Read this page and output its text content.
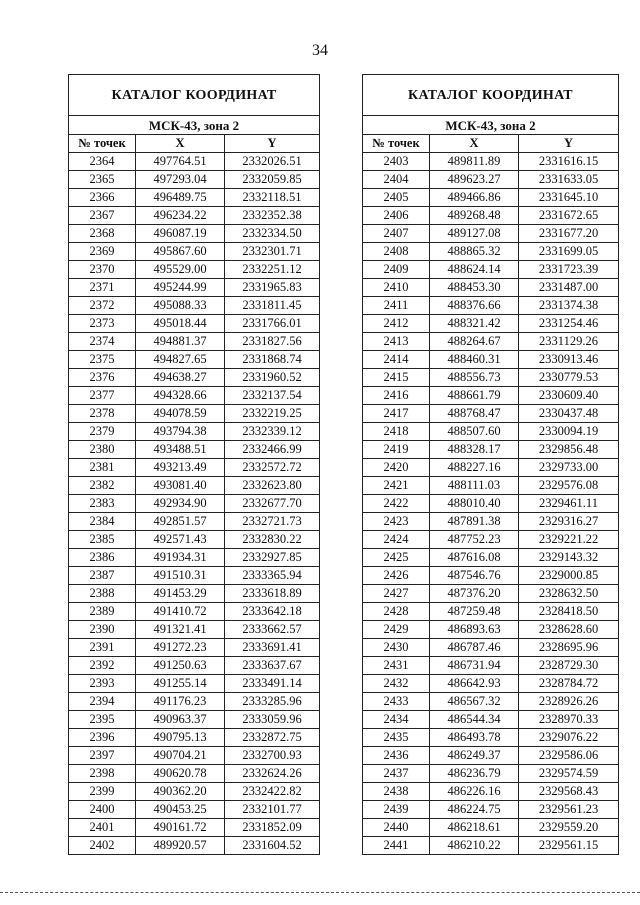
34
КАТАЛОГ КООРДИНАТ		
МСК-43, зона 2		
№ точек	X	Y
2364	497764.51	2332026.51
2365	497293.04	2332059.85
2366	496489.75	2332118.51
2367	496234.22	2332352.38
2368	496087.19	2332334.50
2369	495867.60	2332301.71
2370	495529.00	2332251.12
2371	495244.99	2331965.83
2372	495088.33	2331811.45
2373	495018.44	2331766.01
2374	494881.37	2331827.56
2375	494827.65	2331868.74
2376	494638.27	2331960.52
2377	494328.66	2332137.54
2378	494078.59	2332219.25
2379	493794.38	2332339.12
2380	493488.51	2332466.99
2381	493213.49	2332572.72
2382	493081.40	2332623.80
2383	492934.90	2332677.70
2384	492851.57	2332721.73
2385	492571.43	2332830.22
2386	491934.31	2332927.85
2387	491510.31	2333365.94
2388	491453.29	2333618.89
2389	491410.72	2333642.18
2390	491321.41	2333662.57
2391	491272.23	2333691.41
2392	491250.63	2333637.67
2393	491255.14	2333491.14
2394	491176.23	2333285.96
2395	490963.37	2333059.96
2396	490795.13	2332872.75
2397	490704.21	2332700.93
2398	490620.78	2332624.26
2399	490362.20	2332422.82
2400	490453.25	2332101.77
2401	490161.72	2331852.09
2402	489920.57	2331604.52
КАТАЛОГ КООРДИНАТ		
МСК-43, зона 2		
№ точек	X	Y
2403	489811.89	2331616.15
2404	489623.27	2331633.05
2405	489466.86	2331645.10
2406	489268.48	2331672.65
2407	489127.08	2331677.20
2408	488865.32	2331699.05
2409	488624.14	2331723.39
2410	488453.30	2331487.00
2411	488376.66	2331374.38
2412	488321.42	2331254.46
2413	488264.67	2331129.26
2414	488460.31	2330913.46
2415	488556.73	2330779.53
2416	488661.79	2330609.40
2417	488768.47	2330437.48
2418	488507.60	2330094.19
2419	488328.17	2329856.48
2420	488227.16	2329733.00
2421	488111.03	2329576.08
2422	488010.40	2329461.11
2423	487891.38	2329316.27
2424	487752.23	2329221.22
2425	487616.08	2329143.32
2426	487546.76	2329000.85
2427	487376.20	2328632.50
2428	487259.48	2328418.50
2429	486893.63	2328628.60
2430	486787.46	2328695.96
2431	486731.94	2328729.30
2432	486642.93	2328784.72
2433	486567.32	2328926.26
2434	486544.34	2328970.33
2435	486493.78	2329076.22
2436	486249.37	2329586.06
2437	486236.79	2329574.59
2438	486226.16	2329568.43
2439	486224.75	2329561.23
2440	486218.61	2329559.20
2441	486210.22	2329561.15
